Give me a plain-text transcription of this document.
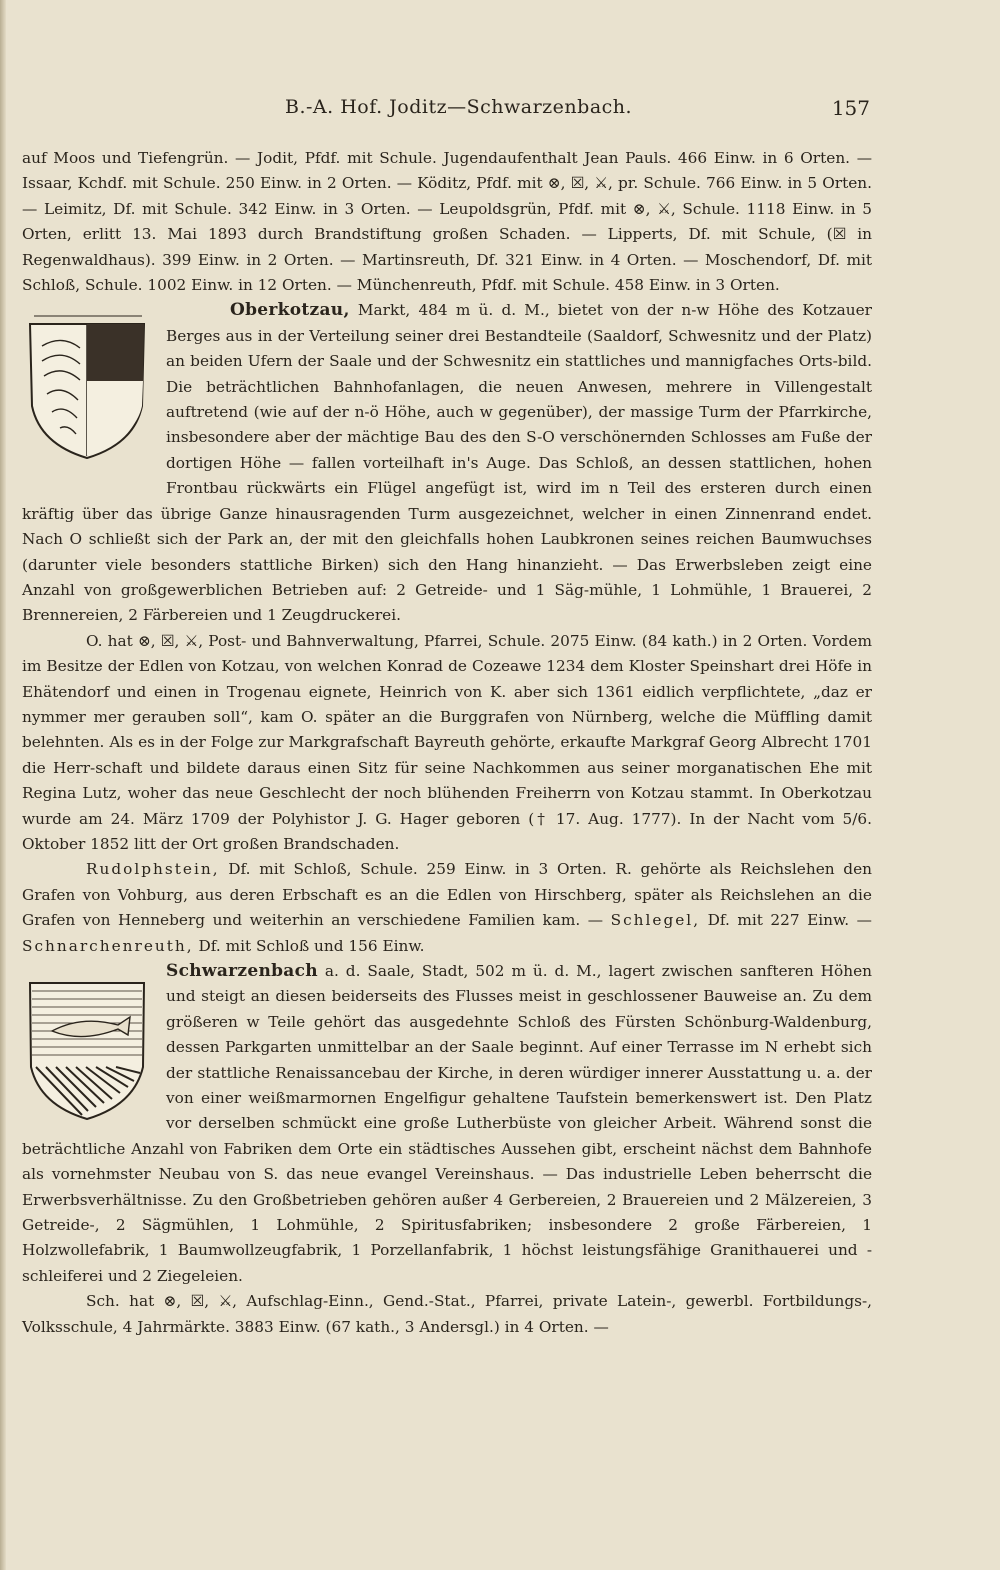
B.-A. Hof. Joditz—Schwarzenbach.	157

auf Moos und Tiefengrün. — Jodit, Pfdf. mit Schule. Jugendaufenthalt Jean Pauls. 466 Einw. in 6 Orten. — Issaar, Kchdf. mit Schule. 250 Einw. in 2 Orten. — Köditz, Pfdf. mit ⊗, ☒, ⚔, pr. Schule. 766 Einw. in 5 Orten. — Leimitz, Df. mit Schule. 342 Einw. in 3 Orten. — Leupoldsgrün, Pfdf. mit ⊗, ⚔, Schule. 1118 Einw. in 5 Orten, erlitt 13. Mai 1893 durch Brandstiftung großen Schaden. — Lipperts, Df. mit Schule, (☒ in Regenwaldhaus). 399 Einw. in 2 Orten. — Martinsreuth, Df. 321 Einw. in 4 Orten. — Moschendorf, Df. mit Schloß, Schule. 1002 Einw. in 12 Orten. — Münchenreuth, Pfdf. mit Schule. 458 Einw. in 3 Orten.

Oberkotzau, Markt, 484 m ü. d. M., bietet von der n-w Höhe des Kotzauer Berges aus in der Verteilung seiner drei Bestandteile (Saaldorf, Schwesnitz und der Platz) an beiden Ufern der Saale und der Schwesnitz ein stattliches und mannigfaches Orts-bild. Die beträchtlichen Bahnhofanlagen, die neuen Anwesen, mehrere in Villengestalt auftretend (wie auf der n-ö Höhe, auch w gegenüber), der massige Turm der Pfarrkirche, insbesondere aber der mächtige Bau des den S-O verschönernden Schlosses am Fuße der dortigen Höhe — fallen vorteilhaft in's Auge. Das Schloß, an dessen stattlichen, hohen Frontbau rückwärts ein Flügel angefügt ist, wird im n Teil des ersteren durch einen kräftig über das übrige Ganze hinausragenden Turm ausgezeichnet, welcher in einen Zinnenrand endet. Nach O schließt sich der Park an, der mit den gleichfalls hohen Laubkronen seines reichen Baumwuchses (darunter viele besonders stattliche Birken) sich den Hang hinanzieht. — Das Erwerbsleben zeigt eine Anzahl von großgewerblichen Betrieben auf: 2 Getreide- und 1 Säg-mühle, 1 Lohmühle, 1 Brauerei, 2 Brennereien, 2 Färbereien und 1 Zeugdruckerei.

O. hat ⊗, ☒, ⚔, Post- und Bahnverwaltung, Pfarrei, Schule. 2075 Einw. (84 kath.) in 2 Orten. Vordem im Besitze der Edlen von Kotzau, von welchen Konrad de Cozeawe 1234 dem Kloster Speinshart drei Höfe in Ehätendorf und einen in Trogenau eignete, Heinrich von K. aber sich 1361 eidlich verpflichtete, „daz er nymmer mer gerauben soll“, kam O. später an die Burggrafen von Nürnberg, welche die Müffling damit belehnten. Als es in der Folge zur Markgrafschaft Bayreuth gehörte, erkaufte Markgraf Georg Albrecht 1701 die Herr-schaft und bildete daraus einen Sitz für seine Nachkommen aus seiner morganatischen Ehe mit Regina Lutz, woher das neue Geschlecht der noch blühenden Freiherrn von Kotzau stammt. In Oberkotzau wurde am 24. März 1709 der Polyhistor J. G. Hager geboren († 17. Aug. 1777). In der Nacht vom 5/6. Oktober 1852 litt der Ort großen Brandschaden.

Rudolphstein, Df. mit Schloß, Schule. 259 Einw. in 3 Orten. R. gehörte als Reichslehen den Grafen von Vohburg, aus deren Erbschaft es an die Edlen von Hirschberg, später als Reichslehen an die Grafen von Henneberg und weiterhin an verschiedene Familien kam. — Schlegel, Df. mit 227 Einw. — Schnarchenreuth, Df. mit Schloß und 156 Einw.

Schwarzenbach a. d. Saale, Stadt, 502 m ü. d. M., lagert zwischen sanfteren Höhen und steigt an diesen beiderseits des Flusses meist in geschlossener Bauweise an. Zu dem größeren w Teile gehört das ausgedehnte Schloß des Fürsten Schönburg-Waldenburg, dessen Parkgarten unmittelbar an der Saale beginnt. Auf einer Terrasse im N erhebt sich der stattliche Renaissancebau der Kirche, in deren würdiger innerer Ausstattung u. a. der von einer weißmarmornen Engelfigur gehaltene Taufstein bemerkenswert ist. Den Platz vor derselben schmückt eine große Lutherbüste von gleicher Arbeit. Während sonst die beträchtliche Anzahl von Fabriken dem Orte ein städtisches Aussehen gibt, erscheint nächst dem Bahnhofe als vornehmster Neubau von S. das neue evangel Vereinshaus. — Das industrielle Leben beherrscht die Erwerbsverhältnisse. Zu den Großbetrieben gehören außer 4 Gerbereien, 2 Brauereien und 2 Mälzereien, 3 Getreide-, 2 Sägmühlen, 1 Lohmühle, 2 Spiritusfabriken; insbesondere 2 große Färbereien, 1 Holzwollefabrik, 1 Baumwollzeugfabrik, 1 Porzellanfabrik, 1 höchst leistungsfähige Granithauerei und -schleiferei und 2 Ziegeleien.

Sch. hat ⊗, ☒, ⚔, Aufschlag-Einn., Gend.-Stat., Pfarrei, private Latein-, gewerbl. Fortbildungs-, Volksschule, 4 Jahrmärkte. 3883 Einw. (67 kath., 3 Andersgl.) in 4 Orten. —
